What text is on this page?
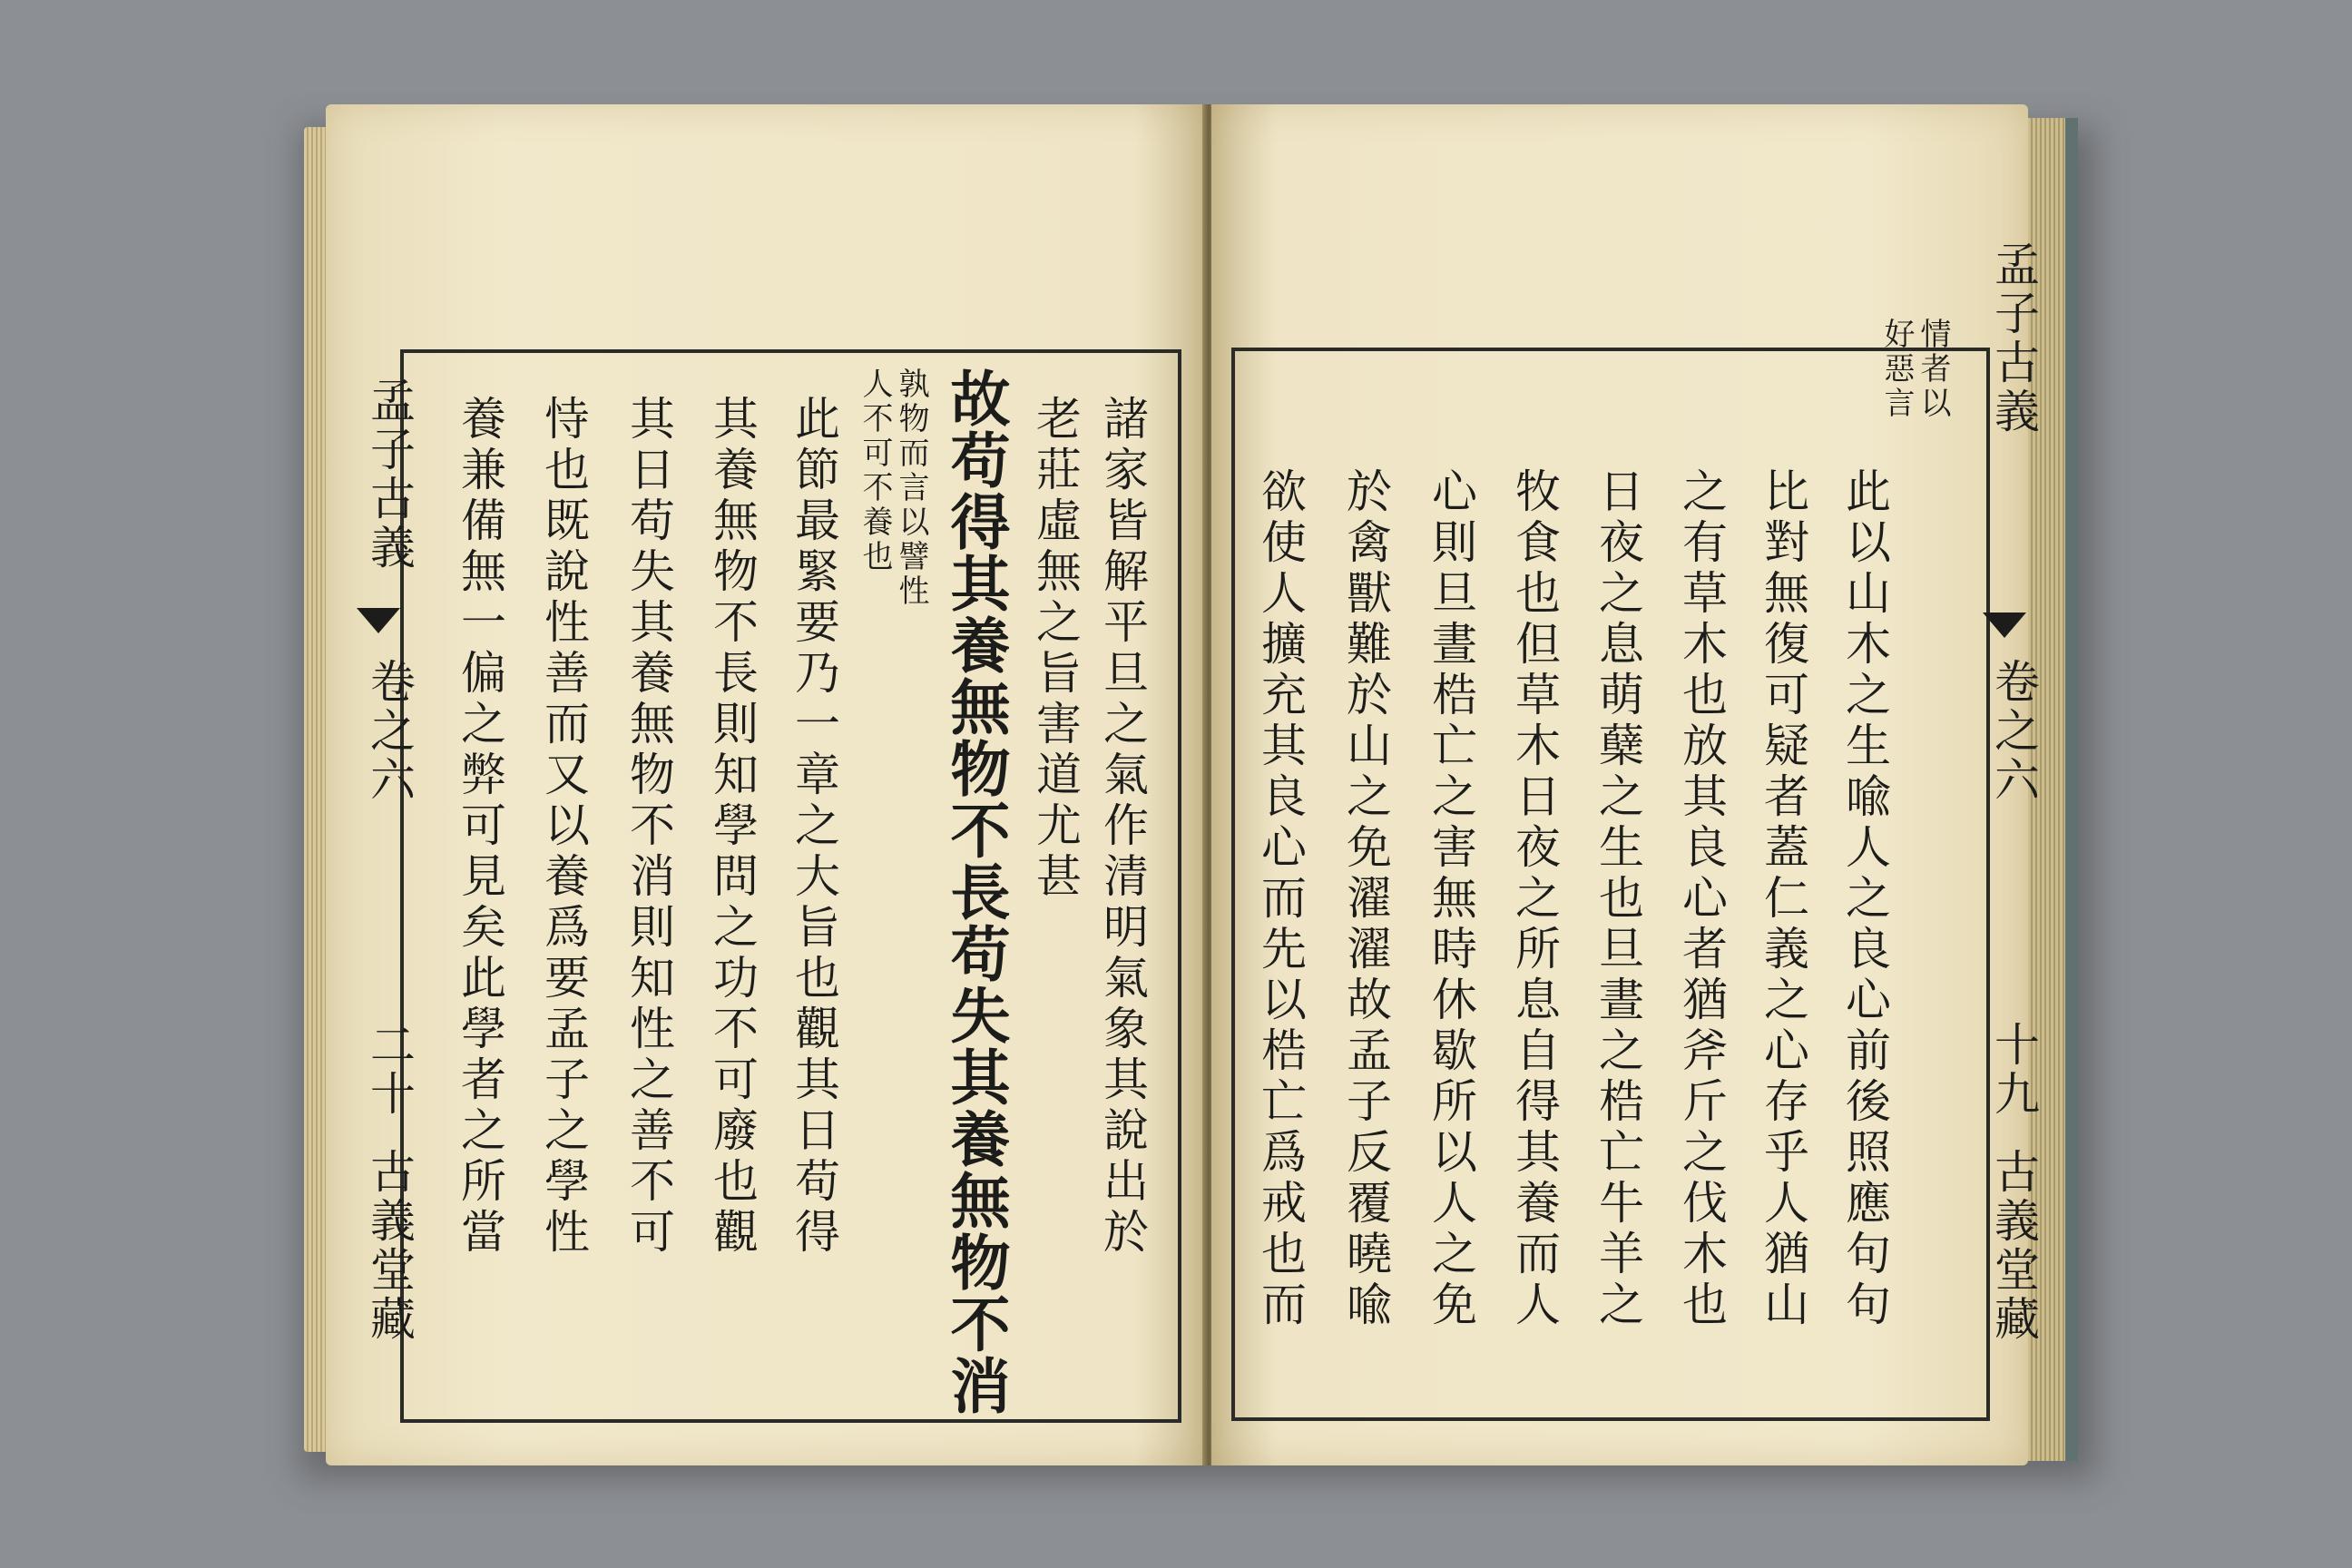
孟子古義
卷之六
二十
古義堂藏	諸家皆解平旦之氣作清明氣象其說出於
老莊虛無之旨害道尤甚
故苟得其養無物不長苟失其養無物不消
孰物而言以譬性
人不可不養也
此節最緊要乃一章之大旨也觀其日苟得
其養無物不長則知學問之功不可廢也觀
其日苟失其養無物不消則知性之善不可
恃也既說性善而又以養爲要孟子之學性
養兼備無一偏之弊可見矣此學者之所當

孟子古義
卷之六
十九
古義堂藏
情者以
好惡言
此以山木之生喩人之良心前後照應句句
比對無復可疑者蓋仁義之心存乎人猶山
之有草木也放其良心者猶斧斤之伐木也
日夜之息萌蘖之生也旦晝之梏亡牛羊之
牧食也但草木日夜之所息自得其養而人
心則旦晝梏亡之害無時休歇所以人之免
於禽獸難於山之免濯濯故孟子反覆曉喩
欲使人擴充其良心而先以梏亡爲戒也而
